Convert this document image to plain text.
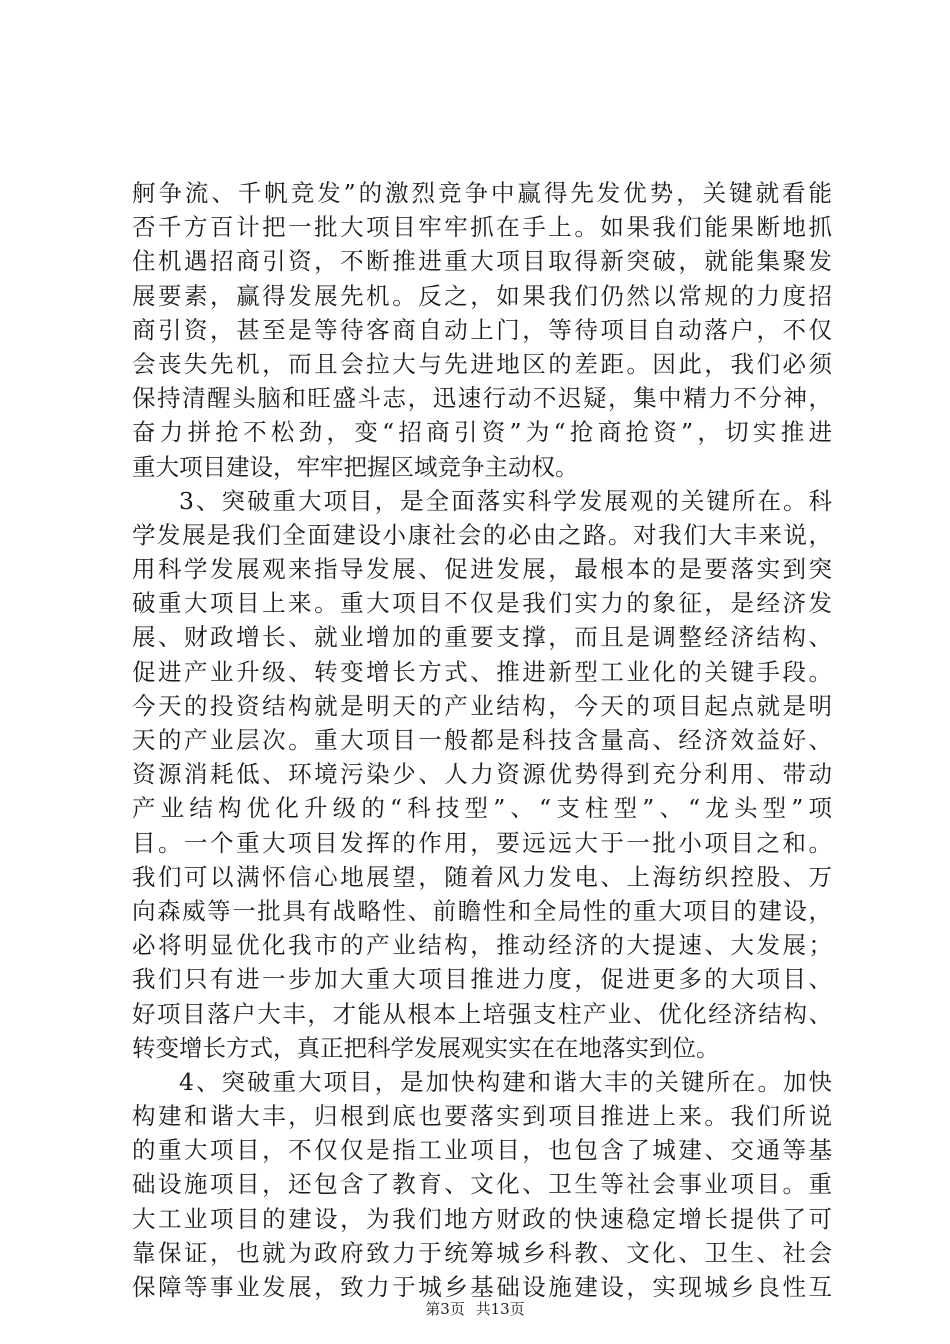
舸争流、千帆竞发”的激烈竞争中赢得先发优势，关键就看能
否千方百计把一批大项目牢牢抓在手上。如果我们能果断地抓
住机遇招商引资，不断推进重大项目取得新突破，就能集聚发
展要素，赢得发展先机。反之，如果我们仍然以常规的力度招
商引资，甚至是等待客商自动上门，等待项目自动落户，不仅
会丧失先机，而且会拉大与先进地区的差距。因此，我们必须
保持清醒头脑和旺盛斗志，迅速行动不迟疑，集中精力不分神，
奋力拼抢不松劲，变“招商引资”为“抢商抢资”，切实推进
重大项目建设，牢牢把握区域竞争主动权。
3、突破重大项目，是全面落实科学发展观的关键所在。科
学发展是我们全面建设小康社会的必由之路。对我们大丰来说，
用科学发展观来指导发展、促进发展，最根本的是要落实到突
破重大项目上来。重大项目不仅是我们实力的象征，是经济发
展、财政增长、就业增加的重要支撑，而且是调整经济结构、
促进产业升级、转变增长方式、推进新型工业化的关键手段。
今天的投资结构就是明天的产业结构，今天的项目起点就是明
天的产业层次。重大项目一般都是科技含量高、经济效益好、
资源消耗低、环境污染少、人力资源优势得到充分利用、带动
产业结构优化升级的“科技型”、“支柱型”、“龙头型”项
目。一个重大项目发挥的作用，要远远大于一批小项目之和。
我们可以满怀信心地展望，随着风力发电、上海纺织控股、万
向森威等一批具有战略性、前瞻性和全局性的重大项目的建设，
必将明显优化我市的产业结构，推动经济的大提速、大发展；
我们只有进一步加大重大项目推进力度，促进更多的大项目、
好项目落户大丰，才能从根本上培强支柱产业、优化经济结构、
转变增长方式，真正把科学发展观实实在在地落实到位。
4、突破重大项目，是加快构建和谐大丰的关键所在。加快
构建和谐大丰，归根到底也要落实到项目推进上来。我们所说
的重大项目，不仅仅是指工业项目，也包含了城建、交通等基
础设施项目，还包含了教育、文化、卫生等社会事业项目。重
大工业项目的建设，为我们地方财政的快速稳定增长提供了可
靠保证，也就为政府致力于统筹城乡科教、文化、卫生、社会
保障等事业发展，致力于城乡基础设施建设，实现城乡良性互
第3页 共13页
